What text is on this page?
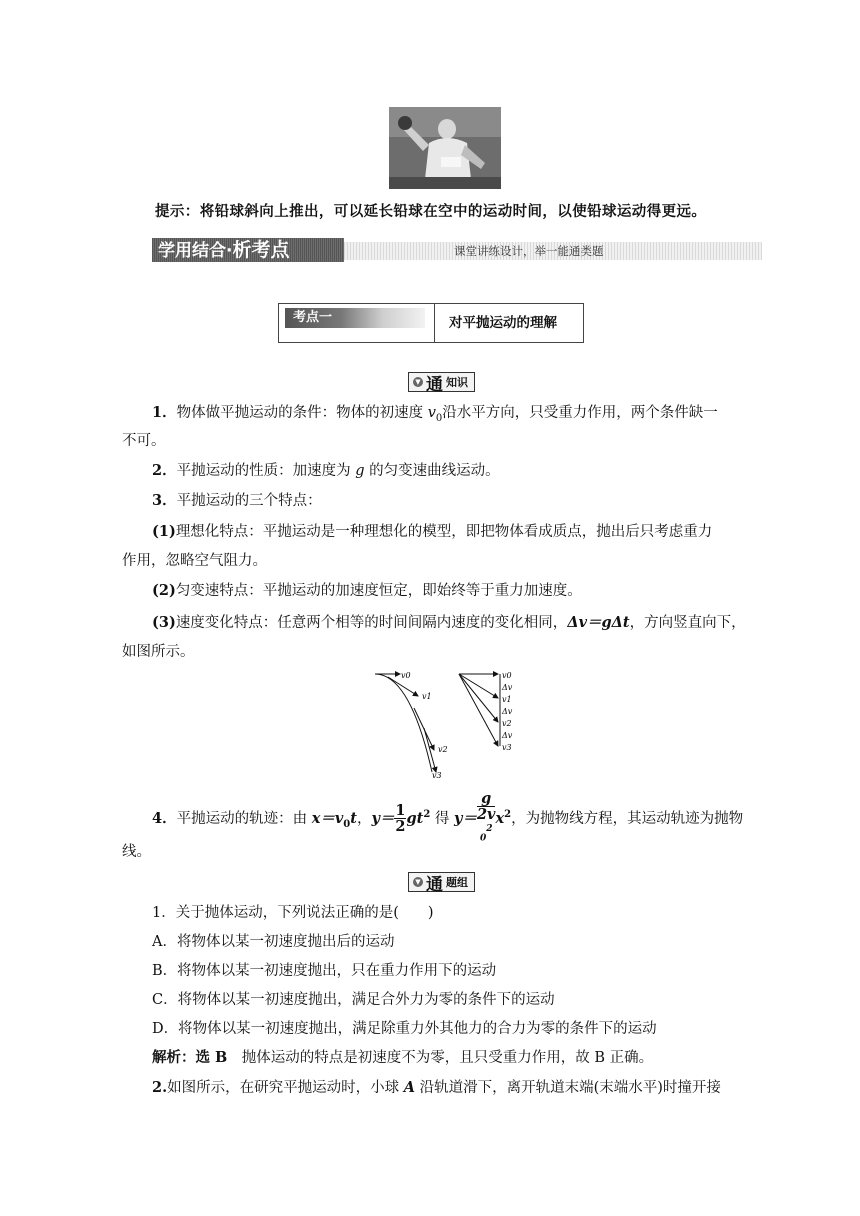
提示：将铅球斜向上推出，可以延长铅球在空中的运动时间，以使铅球运动得更远。
学用结合·析考点	课堂讲练设计，举一能通类题
考点一	对平抛运动的理解
▼ 通 知识
1．物体做平抛运动的条件：物体的初速度 $v_0$沿水平方向，只受重力作用，两个条件缺一
不可。
2．平抛运动的性质：加速度为 g 的匀变速曲线运动。
3．平抛运动的三个特点：
(1)理想化特点：平抛运动是一种理想化的模型，即把物体看成质点，抛出后只考虑重力
作用，忽略空气阻力。
(2)匀变速特点：平抛运动的加速度恒定，即始终等于重力加速度。
(3)速度变化特点：任意两个相等的时间间隔内速度的变化相同，Δv＝gΔt，方向竖直向下，
如图所示。
v0
v1
v2
v3
v0
Δv
v1
Δv
v2
Δv
v3
4．平抛运动的轨迹：由 $x=v_0t$，$y= \frac{1}{2} gt^2$ 得 y＝ g
2v
$_0^2$ $x^2$，为抛物线方程，其运动轨迹为抛物
线。
▼ 通 题组
1．关于抛体运动，下列说法正确的是(　　)
A．将物体以某一初速度抛出后的运动
B．将物体以某一初速度抛出，只在重力作用下的运动
C．将物体以某一初速度抛出，满足合外力为零的条件下的运动
D．将物体以某一初速度抛出，满足除重力外其他力的合力为零的条件下的运动
解析：选 B　抛体运动的特点是初速度不为零，且只受重力作用，故 B 正确。
2.如图所示，在研究平抛运动时，小球 A 沿轨道滑下，离开轨道末端(末端水平)时撞开接
